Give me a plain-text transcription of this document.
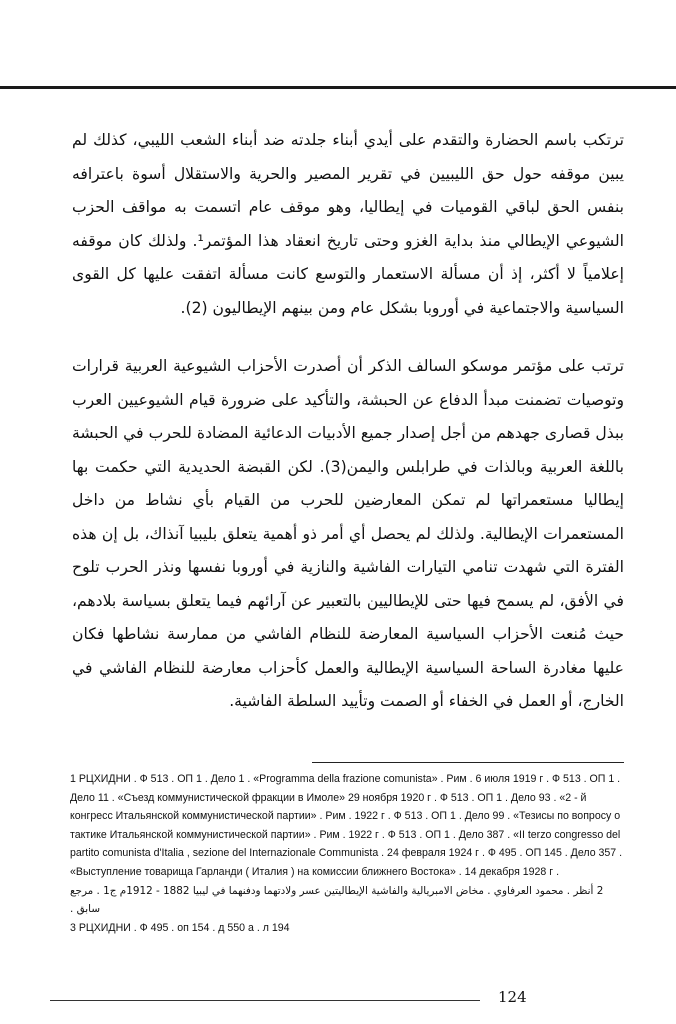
ترتكب باسم الحضارة والتقدم على أيدي أبناء جلدته ضد أبناء الشعب الليبي، كذلك لم يبين موقفه حول حق الليبيين في تقرير المصير والحرية والاستقلال أسوة باعترافه بنفس الحق لباقي القوميات في إيطاليا، وهو موقف عام اتسمت به مواقف الحزب الشيوعي الإيطالي منذ بداية الغزو وحتى تاريخ انعقاد هذا المؤتمر¹. ولذلك كان موقفه إعلامياً لا أكثر، إذ أن مسألة الاستعمار والتوسع كانت مسألة اتفقت عليها كل القوى السياسية والاجتماعية في أوروبا بشكل عام ومن بينهم الإيطاليون (2).

ترتب على مؤتمر موسكو السالف الذكر أن أصدرت الأحزاب الشيوعية العربية قرارات وتوصيات تضمنت مبدأ الدفاع عن الحبشة، والتأكيد على ضرورة قيام الشيوعيين العرب ببذل قصارى جهدهم من أجل إصدار جميع الأدبيات الدعائية المضادة للحرب في الحبشة باللغة العربية وبالذات في طرابلس واليمن(3). لكن القبضة الحديدية التي حكمت بها إيطاليا مستعمراتها لم تمكن المعارضين للحرب من القيام بأي نشاط من داخل المستعمرات الإيطالية. ولذلك لم يحصل أي أمر ذو أهمية يتعلق بليبيا آنذاك، بل إن هذه الفترة التي شهدت تنامي التيارات الفاشية والنازية في أوروبا نفسها ونذر الحرب تلوح في الأفق، لم يسمح فيها حتى للإيطاليين بالتعبير عن آرائهم فيما يتعلق بسياسة بلادهم، حيث مُنعت الأحزاب السياسية المعارضة للنظام الفاشي من ممارسة نشاطها فكان عليها مغادرة الساحة السياسية الإيطالية والعمل كأحزاب معارضة للنظام الفاشي في الخارج، أو العمل في الخفاء أو الصمت وتأييد السلطة الفاشية.

1 РЦХИДНИ . Ф 513 . ОП 1 . Дело 1 . «Programma della frazione comunista» . Рим . 6 июля 1919 г . Ф 513 . ОП 1 . Дело 11 . «Съезд коммунистической фракции в Имоле» 29 ноября 1920 г . Ф 513 . ОП 1 . Дело 93 . «2 - й конгресс Итальянской коммунистической партии» . Рим . 1922 г . Ф 513 . ОП 1 . Дело 99 . «Тезисы по вопросу о тактике Итальянской коммунистической партии» . Рим . 1922 г . Ф 513 . ОП 1 . Дело 387 . «II terzo congresso del partito comunista d'Italia , sezione del Internazionale Communista . 24 февраля 1924 г . Ф 495 . ОП 145 . Дело 357 . «Выступление товарища Гарланди ( Италия ) на комиссии ближнего Востока» . 14 декабря 1928 г .

2 أنظر . محمود العرفاوي . مخاض الامبريالية والفاشية الإيطاليتين عسر ولادتهما ودفنهما في ليبيا 1882 - 1912م ج1 . مرجع سابق .

3 РЦХИДНИ . Ф 495 . оп 154 . д 550 а . л 194

124
